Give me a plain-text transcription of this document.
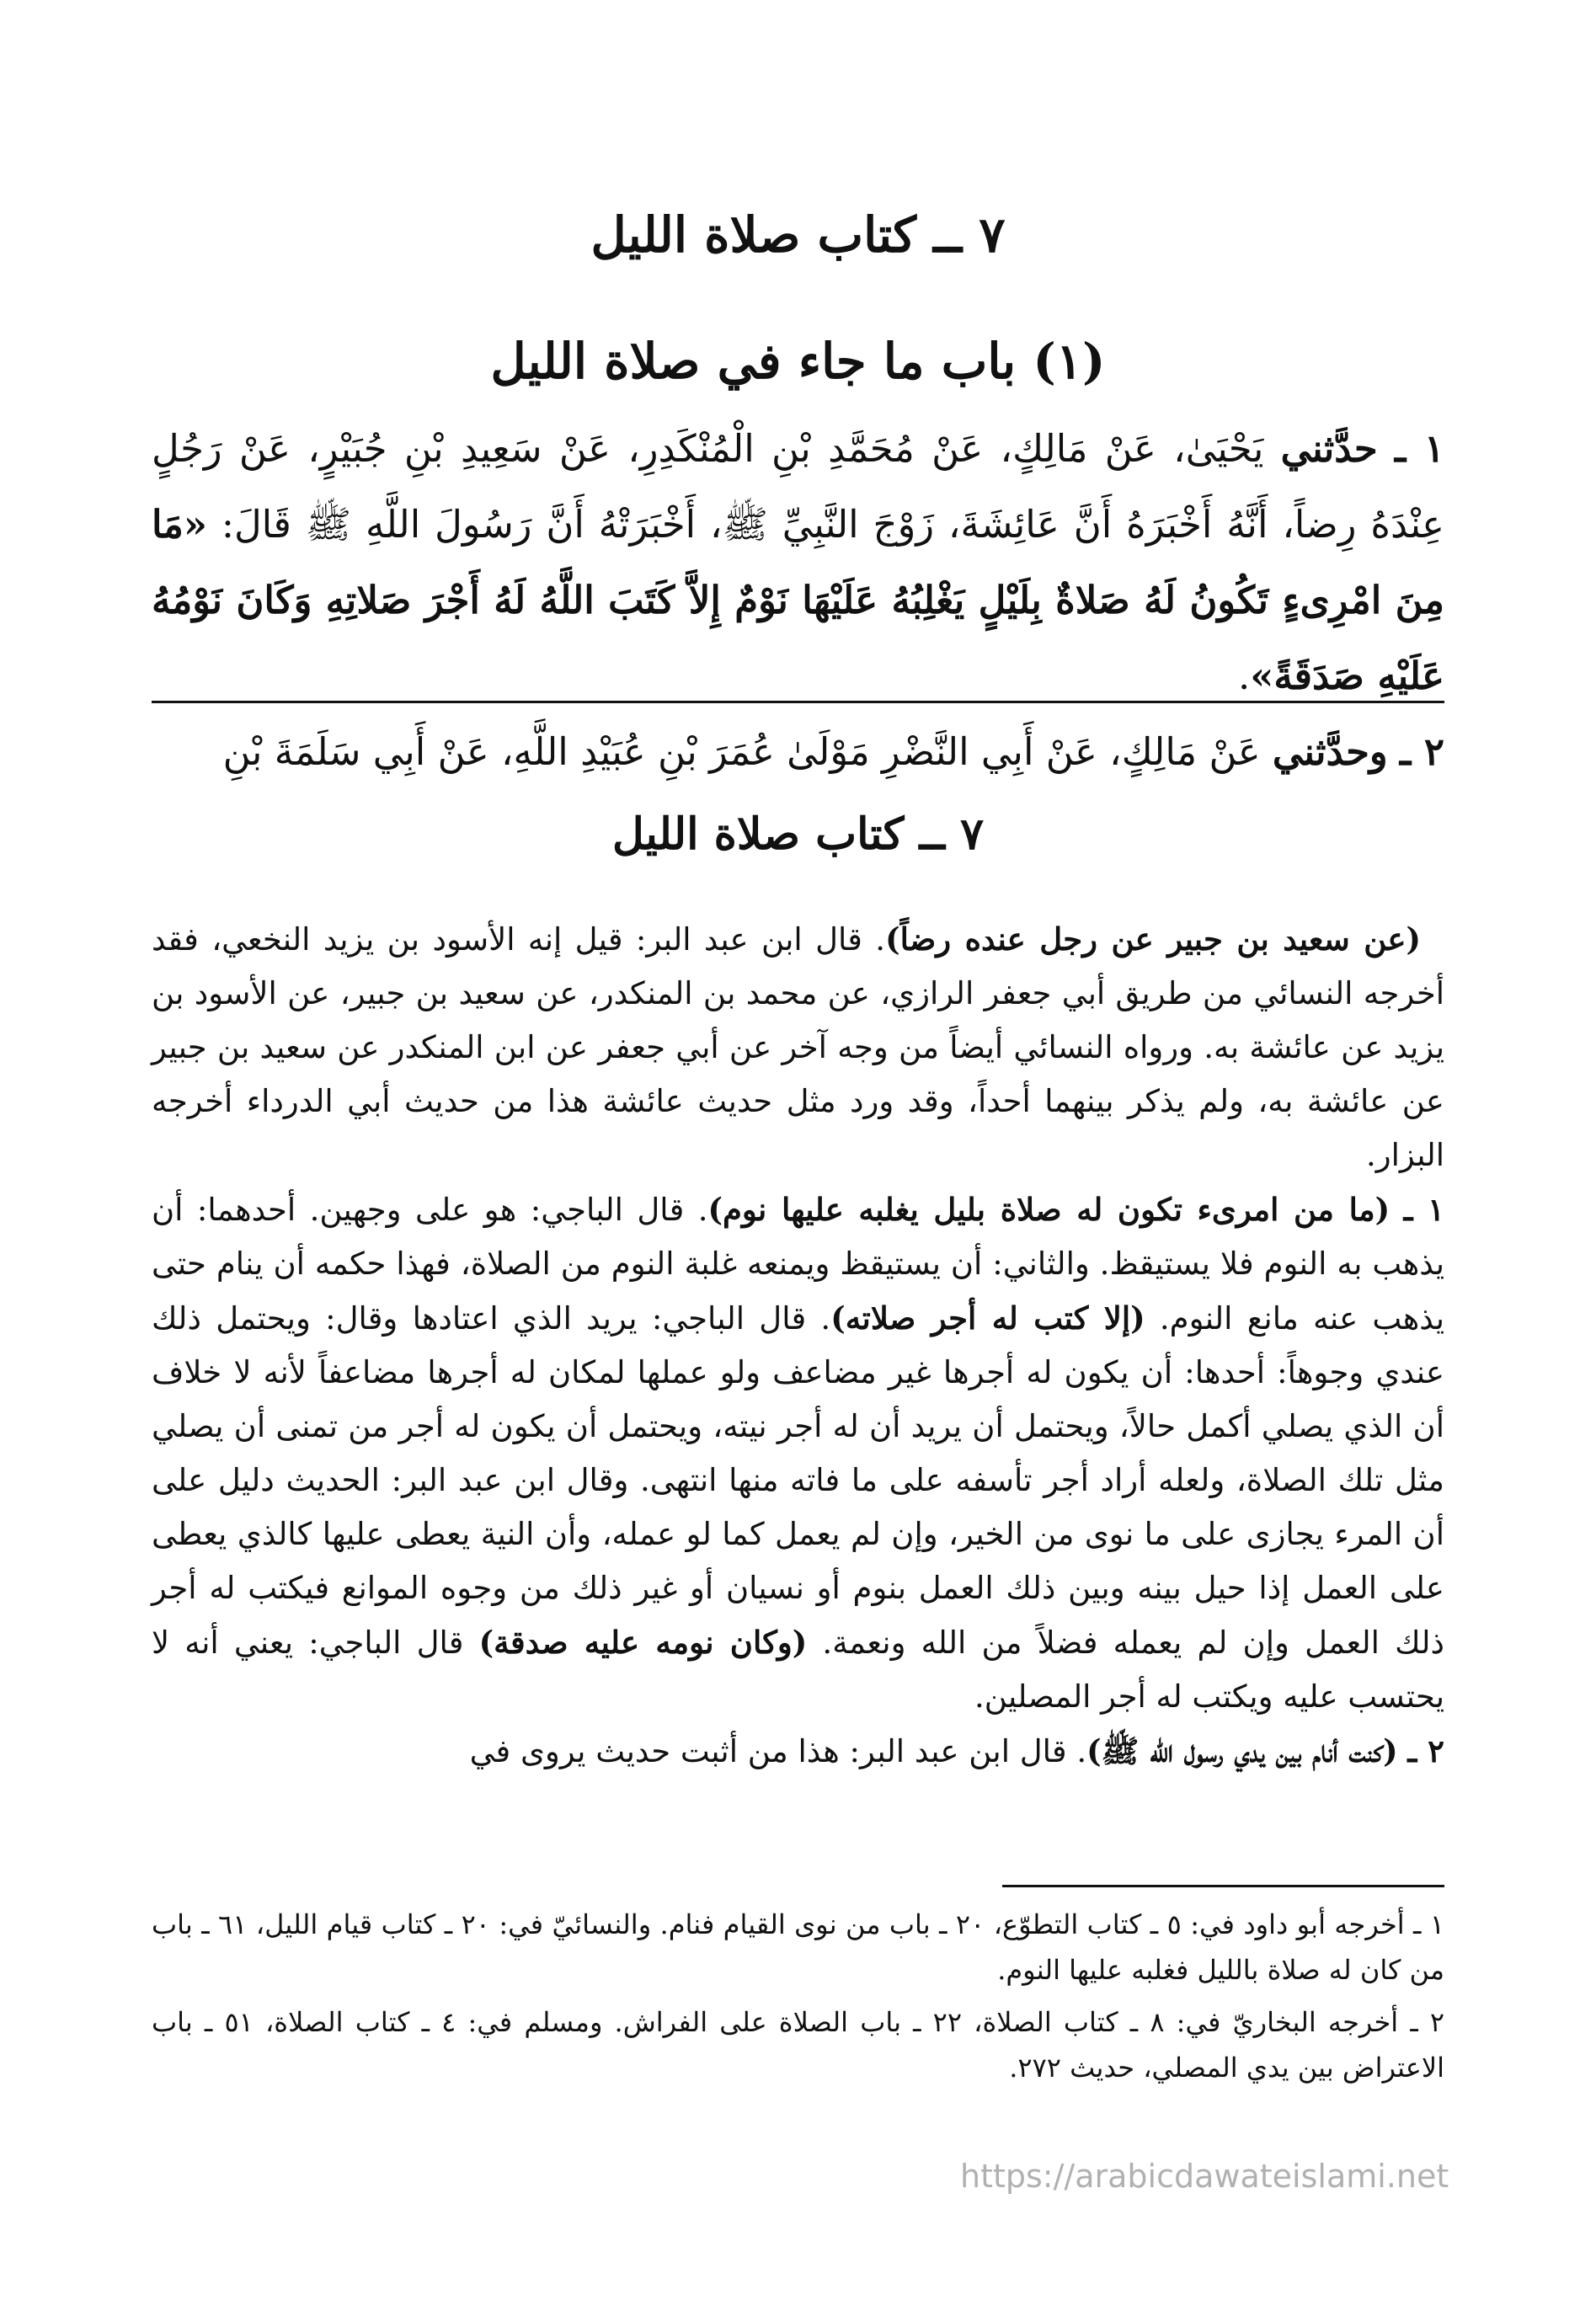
٧ ــ كتاب صلاة الليل
(١) باب ما جاء في صلاة الليل

١ ـ حدَّثني يَحْيَىٰ، عَنْ مَالِكٍ، عَنْ مُحَمَّدِ بْنِ الْمُنْكَدِرِ، عَنْ سَعِيدِ بْنِ جُبَيْرٍ، عَنْ رَجُلٍ عِنْدَهُ رِضاً، أَنَّهُ أَخْبَرَهُ أَنَّ عَائِشَةَ، زَوْجَ النَّبِيِّ ﷺ، أَخْبَرَتْهُ أَنَّ رَسُولَ اللَّهِ ﷺ قَالَ: «مَا مِنَ امْرِىءٍ تَكُونُ لَهُ صَلاةٌ بِلَيْلٍ يَغْلِبُهُ عَلَيْهَا نَوْمٌ إِلاَّ كَتَبَ اللَّهُ لَهُ أَجْرَ صَلاتِهِ وَكَانَ نَوْمُهُ عَلَيْهِ صَدَقَةً».

٢ ـ وحدَّثني عَنْ مَالِكٍ، عَنْ أَبِي النَّضْرِ مَوْلَىٰ عُمَرَ بْنِ عُبَيْدِ اللَّهِ، عَنْ أَبِي سَلَمَةَ بْنِ

٧ ــ كتاب صلاة الليل

(عن سعيد بن جبير عن رجل عنده رضاً). قال ابن عبد البر: قيل إنه الأسود بن يزيد النخعي، فقد أخرجه النسائي من طريق أبي جعفر الرازي، عن محمد بن المنكدر، عن سعيد بن جبير، عن الأسود بن يزيد عن عائشة به. ورواه النسائي أيضاً من وجه آخر عن أبي جعفر عن ابن المنكدر عن سعيد بن جبير عن عائشة به، ولم يذكر بينهما أحداً، وقد ورد مثل حديث عائشة هذا من حديث أبي الدرداء أخرجه البزار.

١ ـ (ما من امرىء تكون له صلاة بليل يغلبه عليها نوم). قال الباجي: هو على وجهين. أحدهما: أن يذهب به النوم فلا يستيقظ. والثاني: أن يستيقظ ويمنعه غلبة النوم من الصلاة، فهذا حكمه أن ينام حتى يذهب عنه مانع النوم. (إلا كتب له أجر صلاته). قال الباجي: يريد الذي اعتادها وقال: ويحتمل ذلك عندي وجوهاً: أحدها: أن يكون له أجرها غير مضاعف ولو عملها لمكان له أجرها مضاعفاً لأنه لا خلاف أن الذي يصلي أكمل حالاً، ويحتمل أن يريد أن له أجر نيته، ويحتمل أن يكون له أجر من تمنى أن يصلي مثل تلك الصلاة، ولعله أراد أجر تأسفه على ما فاته منها انتهى. وقال ابن عبد البر: الحديث دليل على أن المرء يجازى على ما نوى من الخير، وإن لم يعمل كما لو عمله، وأن النية يعطى عليها كالذي يعطى على العمل إذا حيل بينه وبين ذلك العمل بنوم أو نسيان أو غير ذلك من وجوه الموانع فيكتب له أجر ذلك العمل وإن لم يعمله فضلاً من الله ونعمة. (وكان نومه عليه صدقة) قال الباجي: يعني أنه لا يحتسب عليه ويكتب له أجر المصلين.

٢ ـ (كنت أنام بين يدي رسول الله ﷺ). قال ابن عبد البر: هذا من أثبت حديث يروى في

١ ـ أخرجه أبو داود في: ٥ ـ كتاب التطوّع، ٢٠ ـ باب من نوى القيام فنام. والنسائيّ في: ٢٠ ـ كتاب قيام الليل، ٦١ ـ باب من كان له صلاة بالليل فغلبه عليها النوم.

٢ ـ أخرجه البخاريّ في: ٨ ـ كتاب الصلاة، ٢٢ ـ باب الصلاة على الفراش. ومسلم في: ٤ ـ كتاب الصلاة، ٥١ ـ باب الاعتراض بين يدي المصلي، حديث ٢٧٢.

https://arabicdawateislami.net
